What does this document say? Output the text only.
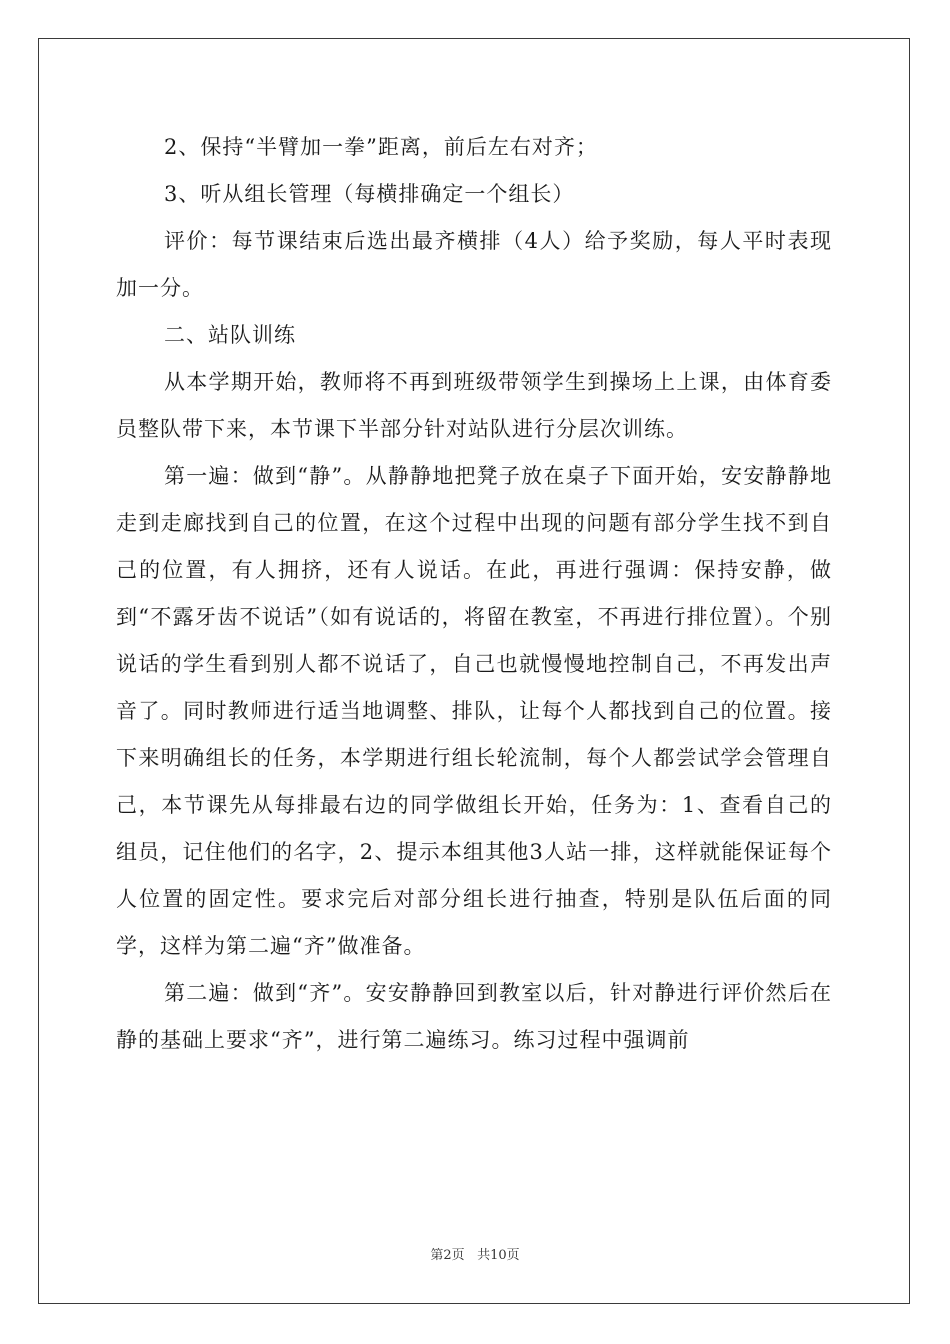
2、保持“半臂加一拳”距离，前后左右对齐；

3、听从组长管理（每横排确定一个组长）

评价：每节课结束后选出最齐横排（4人）给予奖励，每人平时表现加一分。

二、站队训练

从本学期开始，教师将不再到班级带领学生到操场上上课，由体育委员整队带下来，本节课下半部分针对站队进行分层次训练。

第一遍：做到“静”。从静静地把凳子放在桌子下面开始，安安静静地走到走廊找到自己的位置，在这个过程中出现的问题有部分学生找不到自己的位置，有人拥挤，还有人说话。在此，再进行强调：保持安静，做到“不露牙齿不说话”（如有说话的，将留在教室，不再进行排位置）。个别说话的学生看到别人都不说话了，自己也就慢慢地控制自己，不再发出声音了。同时教师进行适当地调整、排队，让每个人都找到自己的位置。接下来明确组长的任务，本学期进行组长轮流制，每个人都尝试学会管理自己，本节课先从每排最右边的同学做组长开始，任务为：1、查看自己的组员，记住他们的名字，2、提示本组其他3人站一排，这样就能保证每个人位置的固定性。要求完后对部分组长进行抽查，特别是队伍后面的同学，这样为第二遍“齐”做准备。

第二遍：做到“齐”。安安静静回到教室以后，针对静进行评价然后在静的基础上要求“齐”，进行第二遍练习。练习过程中强调前

第2页 共10页
